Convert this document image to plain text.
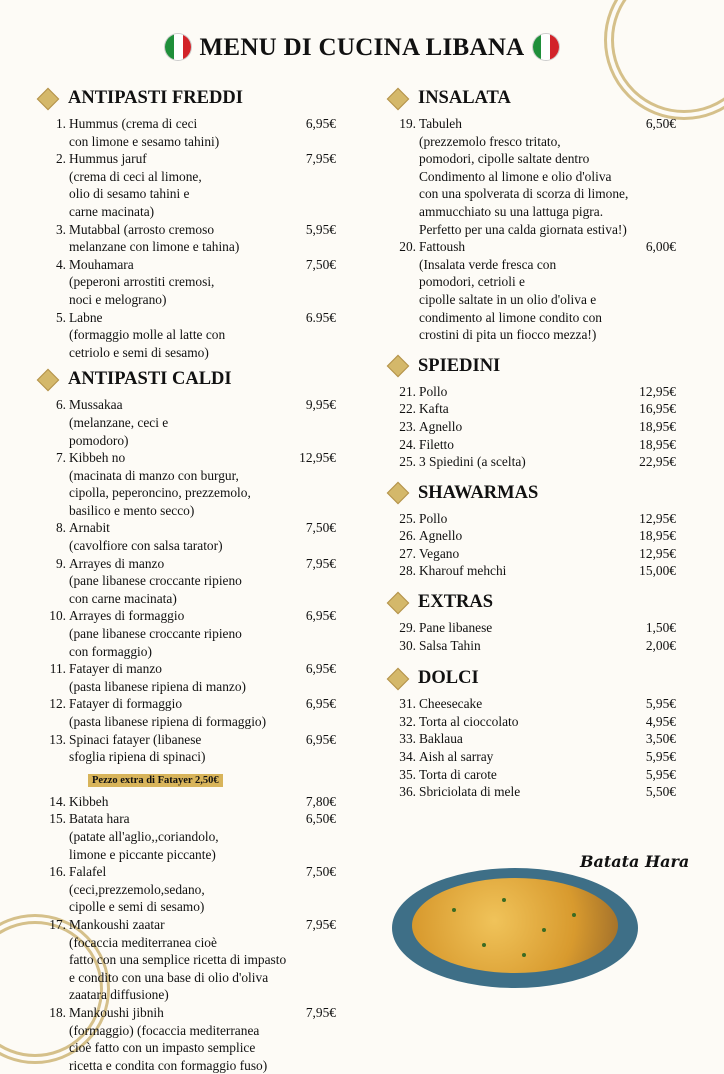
MENU DI CUCINA LIBANA
ANTIPASTI FREDDI
1. Hummus (crema di ceci	6,95€
con limone e sesamo tahini)
2. Hummus jaruf	7,95€
(crema di ceci al limone,
olio di sesamo tahini e
carne macinata)
3. Mutabbal (arrosto cremoso	5,95€
melanzane con limone e tahina)
4. Mouhamara	7,50€
(peperoni arrostiti cremosi,
noci e melograno)
5. Labne	6.95€
(formaggio molle al latte con
cetriolo e semi di sesamo)
ANTIPASTI CALDI
6. Mussakaa	9,95€
(melanzane, ceci e
pomodoro)
7. Kibbeh no	12,95€
(macinata di manzo con burgur,
cipolla, peperoncino, prezzemolo,
basilico e mento secco)
8. Arnabit	7,50€
(cavolfiore con salsa tarator)
9. Arrayes di manzo	7,95€
(pane libanese croccante ripieno
con carne macinata)
10. Arrayes di formaggio	6,95€
(pane libanese croccante ripieno
con formaggio)
11. Fatayer di manzo	6,95€
(pasta libanese ripiena di manzo)
12. Fatayer di formaggio	6,95€
(pasta libanese ripiena di formaggio)
13. Spinaci fatayer (libanese	6,95€
sfoglia ripiena di spinaci)
Pezzo extra di Fatayer 2,50€
14. Kibbeh	7,80€
15. Batata hara	6,50€
(patate all'aglio,,coriandolo,
limone e piccante piccante)
16. Falafel	7,50€
(ceci,prezzemolo,sedano,
cipolle e semi di sesamo)
17. Mankoushi zaatar	7,95€
(focaccia mediterranea cioè
fatto con una semplice ricetta di impasto
e condito con una base di olio d'oliva
zaatara diffusione)
18. Mankoushi jibnih	7,95€
(formaggio) (focaccia mediterranea
cioè fatto con un impasto semplice
ricetta e condita con formaggio fuso)
INSALATA
19. Tabuleh	6,50€
(prezzemolo fresco tritato,
pomodori, cipolle saltate dentro
Condimento al limone e olio d'oliva
con una spolverata di scorza di limone,
ammucchiato su una lattuga pigra.
Perfetto per una calda giornata estiva!)
20. Fattoush	6,00€
(Insalata verde fresca con
pomodori, cetrioli e
cipolle saltate in un olio d'oliva e
condimento al limone condito con
crostini di pita un fiocco mezza!)
SPIEDINI
21. Pollo	12,95€
22. Kafta	16,95€
23. Agnello	18,95€
24. Filetto	18,95€
25. 3 Spiedini (a scelta)	22,95€
SHAWARMAS
25. Pollo	12,95€
26. Agnello	18,95€
27. Vegano	12,95€
28. Kharouf mehchi	15,00€
EXTRAS
29. Pane libanese	1,50€
30. Salsa Tahin	2,00€
DOLCI
31. Cheesecake	5,95€
32. Torta al cioccolato	4,95€
33. Baklaua	3,50€
34. Aish al sarray	5,95€
35. Torta di carote	5,95€
36. Sbriciolata di mele	5,50€
Batata Hara
